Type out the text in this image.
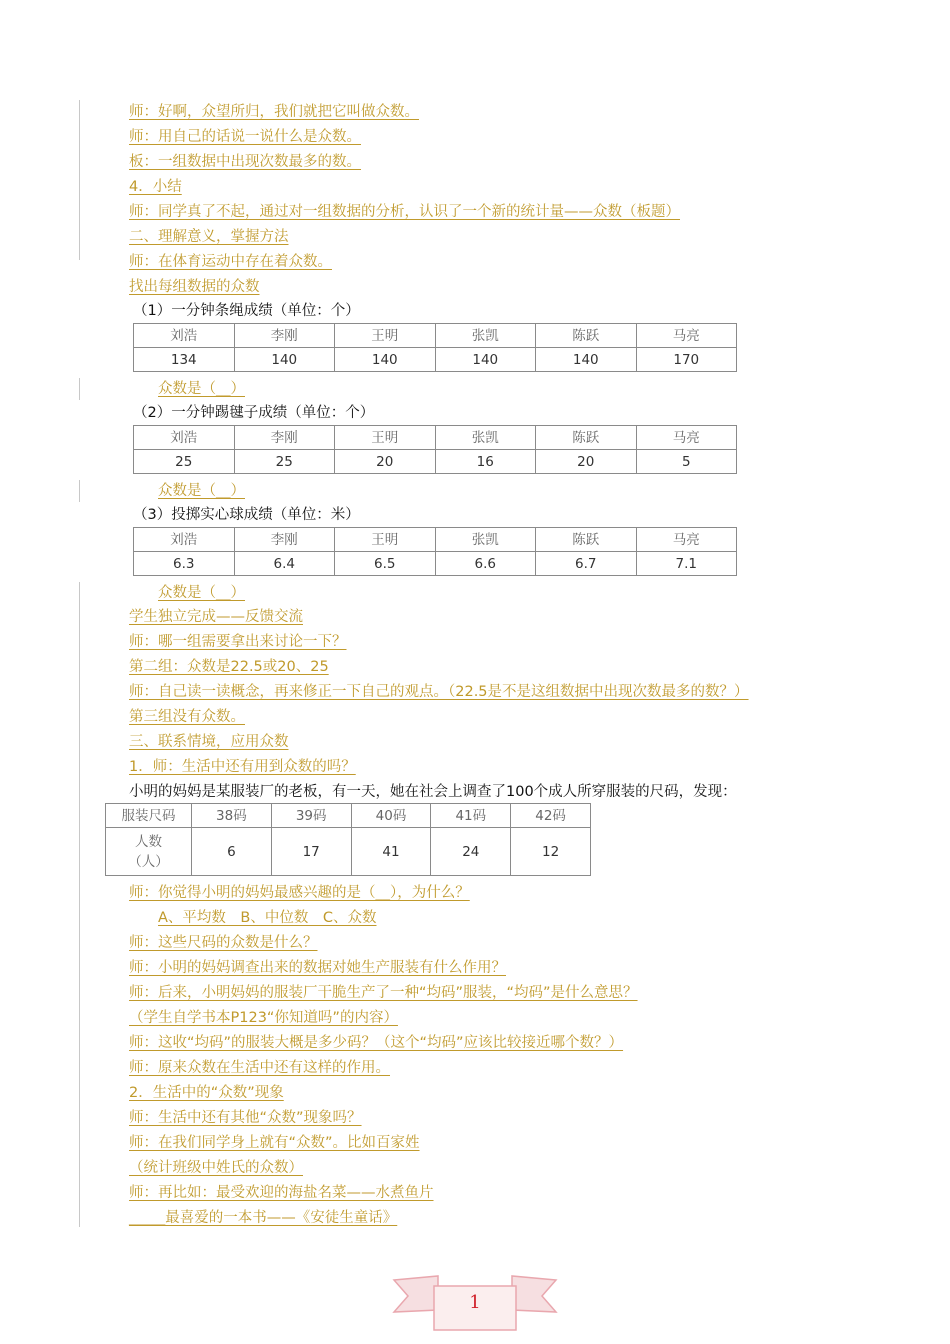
师：好啊，众望所归，我们就把它叫做众数。
师：用自己的话说一说什么是众数。
板：一组数据中出现次数最多的数。
4．小结
师：同学真了不起，通过对一组数据的分析，认识了一个新的统计量——众数（板题）
二、理解意义，掌握方法
师：在体育运动中存在着众数。
找出每组数据的众数
（1）一分钟条绳成绩（单位：个）
刘浩	李刚	王明	张凯	陈跃	马亮
134	140	140	140	140	170
众数是（__）
（2）一分钟踢毽子成绩（单位：个）
刘浩	李刚	王明	张凯	陈跃	马亮
25	25	20	16	20	5
众数是（__）
（3）投掷实心球成绩（单位：米）
刘浩	李刚	王明	张凯	陈跃	马亮
6.3	6.4	6.5	6.6	6.7	7.1
众数是（__）
学生独立完成——反馈交流
师：哪一组需要拿出来讨论一下？
第二组：众数是22.5或20、25
师：自己读一读概念，再来修正一下自己的观点。（22.5是不是这组数据中出现次数最多的数？）
第三组没有众数。
三、联系情境，应用众数
1．师：生活中还有用到众数的吗？
小明的妈妈是某服装厂的老板，有一天，她在社会上调查了100个成人所穿服装的尺码，发现：
服装尺码	38码	39码	40码	41码	42码
人数
（人）	6	17	41	24	12
师：你觉得小明的妈妈最感兴趣的是（__），为什么？
A、平均数　B、中位数　C、众数
师：这些尺码的众数是什么？
师：小明的妈妈调查出来的数据对她生产服装有什么作用？
师：后来，小明妈妈的服装厂干脆生产了一种“均码”服装，“均码”是什么意思？
（学生自学书本P123“你知道吗”的内容）
师：这收“均码”的服装大概是多少码？（这个“均码”应该比较接近哪个数？）
师：原来众数在生活中还有这样的作用。
2．生活中的“众数”现象
师：生活中还有其他“众数”现象吗？
师：在我们同学身上就有“众数”。比如百家姓
（统计班级中姓氏的众数）
师：再比如：最受欢迎的海盐名菜——水煮鱼片
_____最喜爱的一本书——《安徒生童话》
1
